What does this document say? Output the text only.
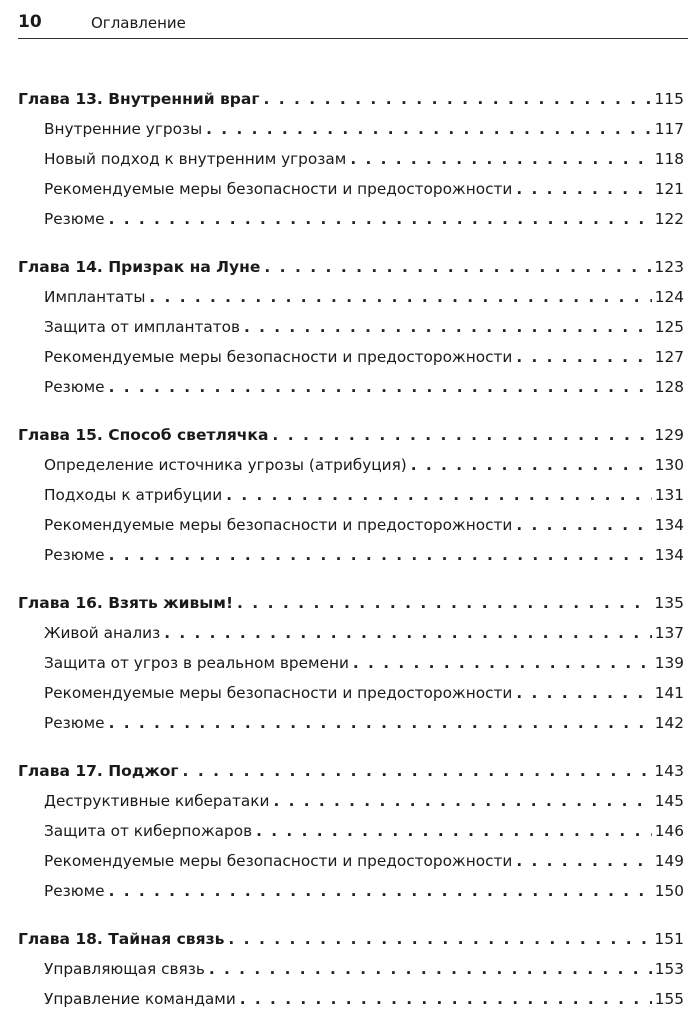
10	Оглавление
Глава 13. Внутренний враг . . .	115
Внутренние угрозы . . .	117
Новый подход к внутренним угрозам . . .	118
Рекомендуемые меры безопасности и предосторожности . . .	121
Резюме . . .	122
Глава 14. Призрак на Луне . . .	123
Имплантаты . . .	124
Защита от имплантатов . . .	125
Рекомендуемые меры безопасности и предосторожности . . .	127
Резюме . . .	128
Глава 15. Способ светлячка . . .	129
Определение источника угрозы (атрибуция) . . .	130
Подходы к атрибуции . . .	131
Рекомендуемые меры безопасности и предосторожности . . .	134
Резюме . . .	134
Глава 16. Взять живым! . . .	135
Живой анализ . . .	137
Защита от угроз в реальном времени . . .	139
Рекомендуемые меры безопасности и предосторожности . . .	141
Резюме . . .	142
Глава 17. Поджог . . .	143
Деструктивные кибератаки . . .	145
Защита от киберпожаров . . .	146
Рекомендуемые меры безопасности и предосторожности . . .	149
Резюме . . .	150
Глава 18. Тайная связь . . .	151
Управляющая связь . . .	153
Управление командами . . .	155
